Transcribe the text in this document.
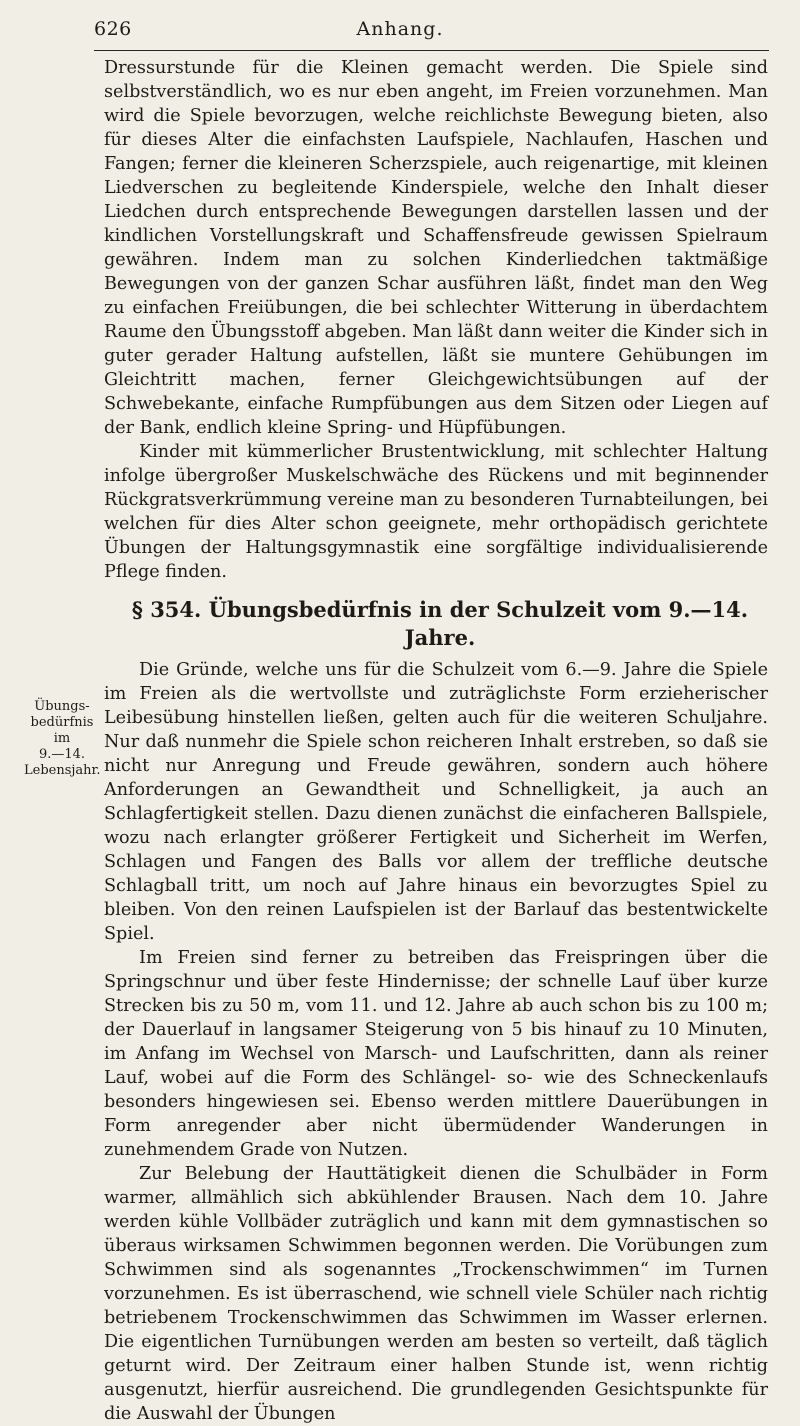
626	Anhang.
Übungs-
bedürfnis im
9.—14.
Lebensjahr.

Dressurstunde für die Kleinen gemacht werden. Die Spiele sind selbstverständlich, wo es nur eben angeht, im Freien vorzunehmen. Man wird die Spiele bevorzugen, welche reichlichste Bewegung bieten, also für dieses Alter die einfachsten Laufspiele, Nachlaufen, Haschen und Fangen; ferner die kleineren Scherzspiele, auch reigenartige, mit kleinen Liedverschen zu begleitende Kinderspiele, welche den Inhalt dieser Liedchen durch entsprechende Bewegungen darstellen lassen und der kindlichen Vorstellungskraft und Schaffensfreude gewissen Spielraum gewähren. Indem man zu solchen Kinderliedchen taktmäßige Bewegungen von der ganzen Schar ausführen läßt, findet man den Weg zu einfachen Freiübungen, die bei schlechter Witterung in überdachtem Raume den Übungsstoff abgeben. Man läßt dann weiter die Kinder sich in guter gerader Haltung aufstellen, läßt sie muntere Gehübungen im Gleichtritt machen, ferner Gleichgewichtsübungen auf der Schwebekante, einfache Rumpfübungen aus dem Sitzen oder Liegen auf der Bank, endlich kleine Spring- und Hüpfübungen.

Kinder mit kümmerlicher Brustentwicklung, mit schlechter Haltung infolge übergroßer Muskelschwäche des Rückens und mit beginnender Rückgratsverkrümmung vereine man zu besonderen Turnabteilungen, bei welchen für dies Alter schon geeignete, mehr orthopädisch gerichtete Übungen der Haltungsgymnastik eine sorgfältige individualisierende Pflege finden.

§ 354. Übungsbedürfnis in der Schulzeit vom 9.—14. Jahre.

Die Gründe, welche uns für die Schulzeit vom 6.—9. Jahre die Spiele im Freien als die wertvollste und zuträglichste Form erzieherischer Leibesübung hinstellen ließen, gelten auch für die weiteren Schuljahre. Nur daß nunmehr die Spiele schon reicheren Inhalt erstreben, so daß sie nicht nur Anregung und Freude gewähren, sondern auch höhere Anforderungen an Gewandtheit und Schnelligkeit, ja auch an Schlagfertigkeit stellen. Dazu dienen zunächst die einfacheren Ballspiele, wozu nach erlangter größerer Fertigkeit und Sicherheit im Werfen, Schlagen und Fangen des Balls vor allem der treffliche deutsche Schlagball tritt, um noch auf Jahre hinaus ein bevorzugtes Spiel zu bleiben. Von den reinen Laufspielen ist der Barlauf das bestentwickelte Spiel.

Im Freien sind ferner zu betreiben das Freispringen über die Springschnur und über feste Hindernisse; der schnelle Lauf über kurze Strecken bis zu 50 m, vom 11. und 12. Jahre ab auch schon bis zu 100 m; der Dauerlauf in langsamer Steigerung von 5 bis hinauf zu 10 Minuten, im Anfang im Wechsel von Marsch- und Laufschritten, dann als reiner Lauf, wobei auf die Form des Schlängel- so- wie des Schneckenlaufs besonders hingewiesen sei. Ebenso werden mittlere Dauerübungen in Form anregender aber nicht übermüdender Wanderungen in zunehmendem Grade von Nutzen.

Zur Belebung der Hauttätigkeit dienen die Schulbäder in Form warmer, allmählich sich abkühlender Brausen. Nach dem 10. Jahre werden kühle Vollbäder zuträglich und kann mit dem gymnastischen so überaus wirksamen Schwimmen begonnen werden. Die Vorübungen zum Schwimmen sind als sogenanntes „Trockenschwimmen“ im Turnen vorzunehmen. Es ist überraschend, wie schnell viele Schüler nach richtig betriebenem Trockenschwimmen das Schwimmen im Wasser erlernen. Die eigentlichen Turnübungen werden am besten so verteilt, daß täglich geturnt wird. Der Zeitraum einer halben Stunde ist, wenn richtig ausgenutzt, hierfür ausreichend. Die grundlegenden Gesichtspunkte für die Auswahl der Übungen
